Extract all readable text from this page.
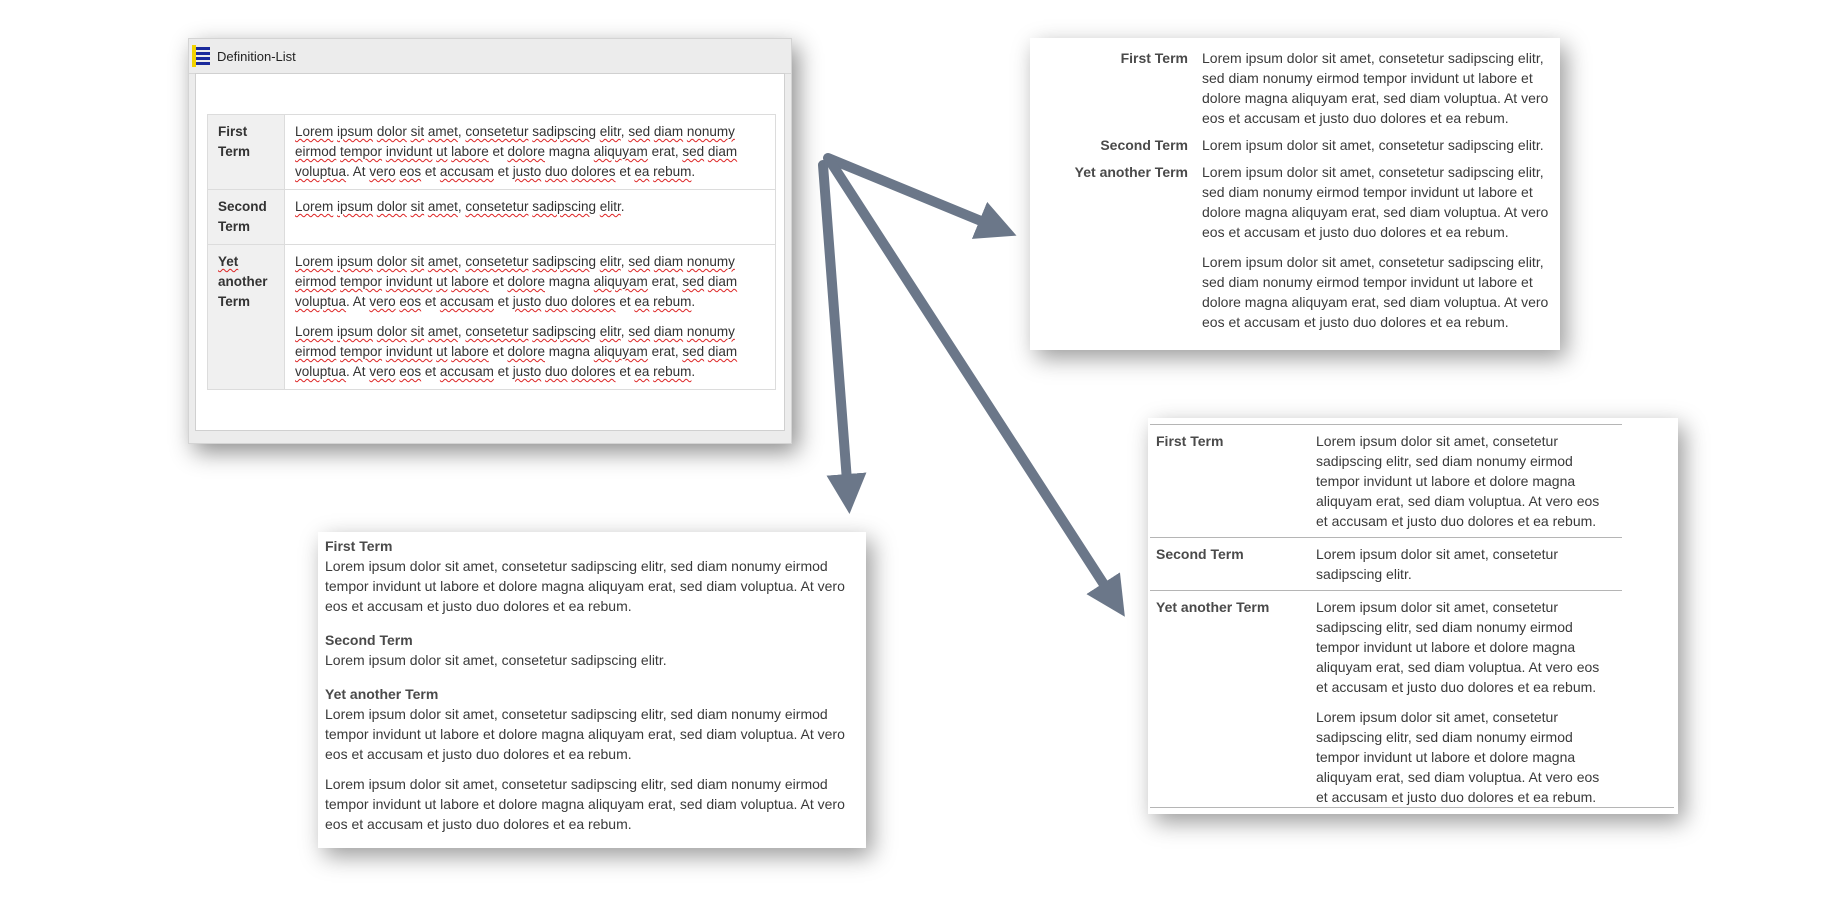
Definition-List
First Term	Lorem ipsum dolor sit amet, consetetur sadipscing elitr, sed diam nonumy eirmod tempor invidunt ut labore et dolore magna aliquyam erat, sed diam voluptua. At vero eos et accusam et justo duo dolores et ea rebum.

Second Term	Lorem ipsum dolor sit amet, consetetur sadipscing elitr.

Yet another Term	Lorem ipsum dolor sit amet, consetetur sadipscing elitr, sed diam nonumy eirmod tempor invidunt ut labore et dolore magna aliquyam erat, sed diam voluptua. At vero eos et accusam et justo duo dolores et ea rebum.

Lorem ipsum dolor sit amet, consetetur sadipscing elitr, sed diam nonumy eirmod tempor invidunt ut labore et dolore magna aliquyam erat, sed diam voluptua. At vero eos et accusam et justo duo dolores et ea rebum.

First Term	Lorem ipsum dolor sit amet, consetetur sadipscing elitr, sed diam nonumy eirmod tempor invidunt ut labore et dolore magna aliquyam erat, sed diam voluptua. At vero eos et accusam et justo duo dolores et ea rebum.

Second Term	Lorem ipsum dolor sit amet, consetetur sadipscing elitr.

Yet another Term	Lorem ipsum dolor sit amet, consetetur sadipscing elitr, sed diam nonumy eirmod tempor invidunt ut labore et dolore magna aliquyam erat, sed diam voluptua. At vero eos et accusam et justo duo dolores et ea rebum.

Lorem ipsum dolor sit amet, consetetur sadipscing elitr, sed diam nonumy eirmod tempor invidunt ut labore et dolore magna aliquyam erat, sed diam voluptua. At vero eos et accusam et justo duo dolores et ea rebum.

First Term

Lorem ipsum dolor sit amet, consetetur sadipscing elitr, sed diam nonumy eirmod tempor invidunt ut labore et dolore magna aliquyam erat, sed diam voluptua. At vero eos et accusam et justo duo dolores et ea rebum.

Second Term

Lorem ipsum dolor sit amet, consetetur sadipscing elitr.

Yet another Term

Lorem ipsum dolor sit amet, consetetur sadipscing elitr, sed diam nonumy eirmod tempor invidunt ut labore et dolore magna aliquyam erat, sed diam voluptua. At vero eos et accusam et justo duo dolores et ea rebum.

Lorem ipsum dolor sit amet, consetetur sadipscing elitr, sed diam nonumy eirmod tempor invidunt ut labore et dolore magna aliquyam erat, sed diam voluptua. At vero eos et accusam et justo duo dolores et ea rebum.

First Term	Lorem ipsum dolor sit amet, consetetur sadipscing elitr, sed diam nonumy eirmod tempor invidunt ut labore et dolore magna aliquyam erat, sed diam voluptua. At vero eos et accusam et justo duo dolores et ea rebum.

Second Term	Lorem ipsum dolor sit amet, consetetur sadipscing elitr.

Yet another Term	Lorem ipsum dolor sit amet, consetetur sadipscing elitr, sed diam nonumy eirmod tempor invidunt ut labore et dolore magna aliquyam erat, sed diam voluptua. At vero eos et accusam et justo duo dolores et ea rebum.

Lorem ipsum dolor sit amet, consetetur sadipscing elitr, sed diam nonumy eirmod tempor invidunt ut labore et dolore magna aliquyam erat, sed diam voluptua. At vero eos et accusam et justo duo dolores et ea rebum.
